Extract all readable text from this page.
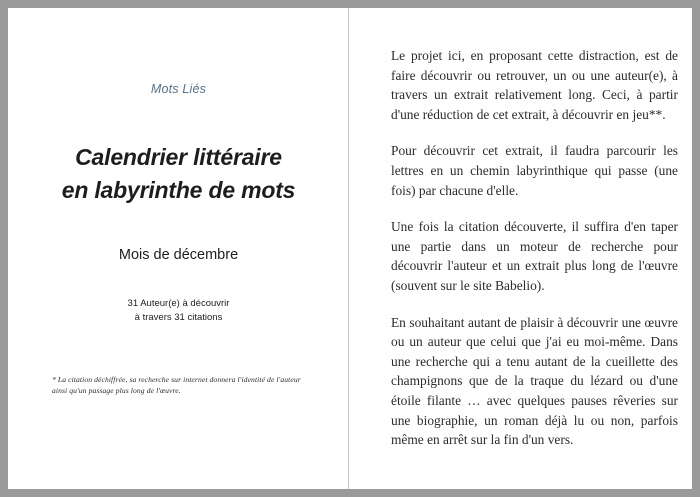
Mots Liés
Calendrier littéraire
en labyrinthe de mots
Mois de décembre
31 Auteur(e) à découvrir
à travers 31 citations
* La citation déchiffrée, sa recherche sur internet donnera l'identité de l'auteur ainsi qu'un passage plus long de l'œuvre.

Le projet ici, en proposant cette distraction, est de faire découvrir ou retrouver, un ou une auteur(e), à travers un extrait relativement long. Ceci, à partir d'une réduction de cet extrait, à découvrir en jeu**.

Pour découvrir cet extrait, il faudra parcourir les lettres en un chemin labyrinthique qui passe (une fois) par chacune d'elle.

Une fois la citation découverte, il suffira d'en taper une partie dans un moteur de recherche pour découvrir l'auteur et un extrait plus long de l'œuvre (souvent sur le site Babelio).

En souhaitant autant de plaisir à découvrir une œuvre ou un auteur que celui que j'ai eu moi-même. Dans une recherche qui a tenu autant de la cueillette des champignons que de la traque du lézard ou d'une étoile filante … avec quelques pauses rêveries sur une biographie, un roman déjà lu ou non, parfois même en arrêt sur la fin d'un vers.
